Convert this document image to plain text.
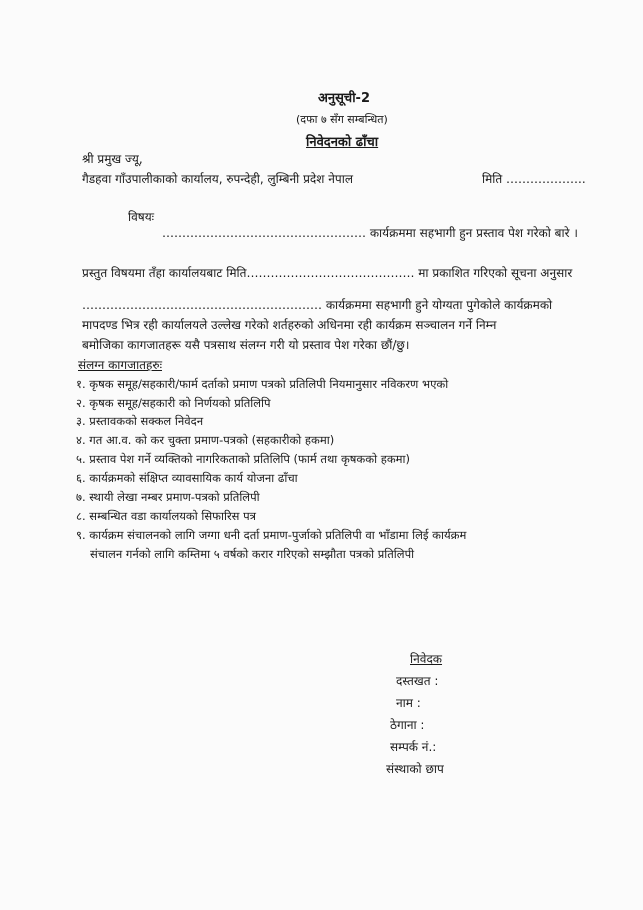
अनुसूची-2
(दफा ७ सँग सम्बन्धित)
निवेदनको ढाँचा
श्री प्रमुख ज्यू,
गैडहवा गाँउपालीकाको कार्यालय, रुपन्देही, लुम्बिनी प्रदेश नेपाल	मिति ………………..
विषयः
…………………………………………… कार्यक्रममा सहभागी हुन प्रस्ताव पेश गरेको बारे ।
प्रस्तुत विषयमा तँहा कार्यालयबाट मिति…………………………………… मा प्रकाशित गरिएको सूचना अनुसार
…………………………………………………… कार्यक्रममा सहभागी हुने योग्यता पुगेकोले कार्यक्रमको
मापदण्ड भित्र रही कार्यालयले उल्लेख गरेको शर्तहरुको अधिनमा रही कार्यक्रम सञ्चालन गर्ने निम्न
बमोजिका कागजातहरू यसै पत्रसाथ संलग्न गरी यो प्रस्ताव पेश गरेका छौं/छु।
संलग्न कागजातहरुः
१. कृषक समूह/सहकारी/फार्म दर्ताको प्रमाण पत्रको प्रतिलिपी नियमानुसार नविकरण भएको
२. कृषक समूह/सहकारी को निर्णयको प्रतिलिपि
३. प्रस्तावकको सक्कल निवेदन
४. गत आ.व. को कर चुक्ता प्रमाण-पत्रको (सहकारीको हकमा)
५. प्रस्ताव पेश गर्ने व्यक्तिको नागरिकताको प्रतिलिपि (फार्म तथा कृषकको हकमा)
६. कार्यक्रमको संक्षिप्त व्यावसायिक कार्य योजना ढाँचा
७. स्थायी लेखा नम्बर प्रमाण-पत्रको प्रतिलिपी
८. सम्बन्धित वडा कार्यालयको सिफारिस पत्र
९. कार्यक्रम संचालनको लागि जग्गा धनी दर्ता प्रमाण-पुर्जाको प्रतिलिपी वा भाँडामा लिई कार्यक्रम
संचालन गर्नको लागि कम्तिमा ५ वर्षको करार गरिएको सम्झौता पत्रको प्रतिलिपी
निवेदक
दस्तखत :
नाम :
ठेगाना :
सम्पर्क नं.:
संस्थाको छाप
